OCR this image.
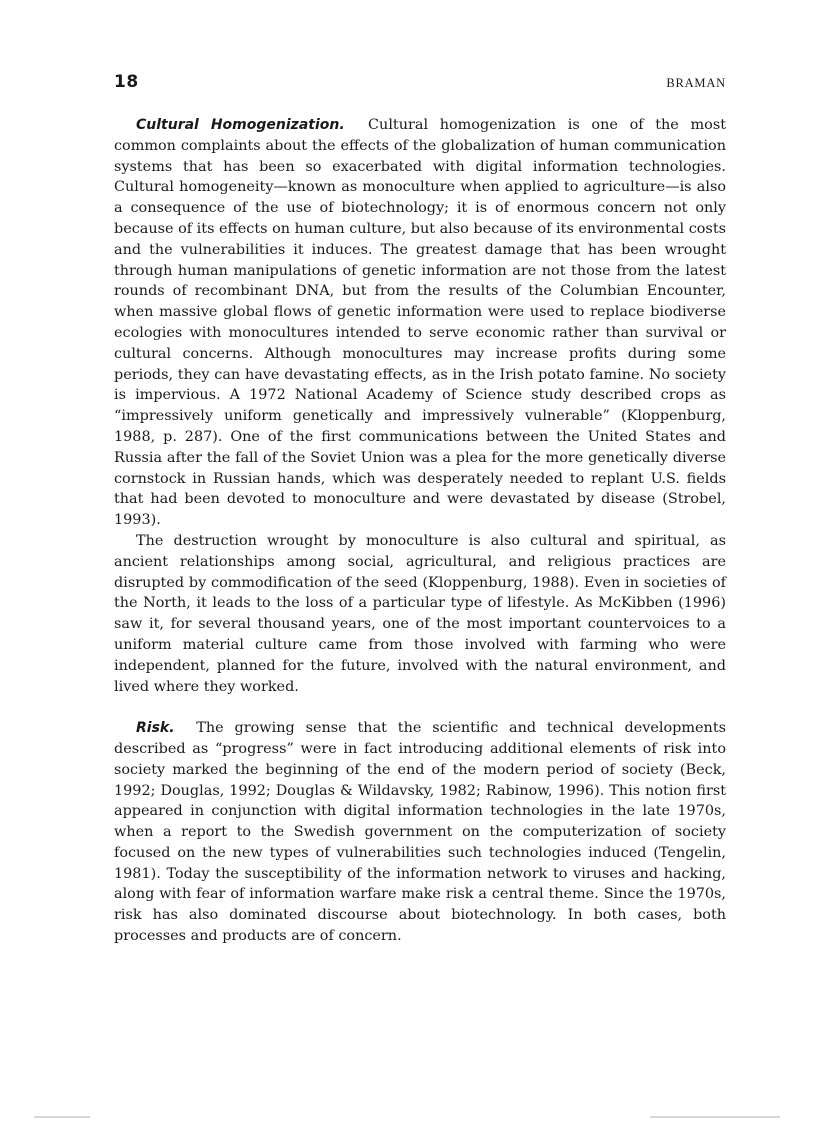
18	BRAMAN

Cultural Homogenization. Cultural homogenization is one of the most common complaints about the effects of the globalization of human communication systems that has been so exacerbated with digital information technologies. Cultural homogeneity—known as monoculture when applied to agriculture—is also a consequence of the use of biotechnology; it is of enormous concern not only because of its effects on human culture, but also because of its environmental costs and the vulnerabilities it induces. The greatest damage that has been wrought through human manipulations of genetic information are not those from the latest rounds of recombinant DNA, but from the results of the Columbian Encounter, when massive global flows of genetic information were used to replace biodiverse ecologies with monocultures intended to serve economic rather than survival or cultural concerns. Although monocultures may increase profits during some periods, they can have devastating effects, as in the Irish potato famine. No society is impervious. A 1972 National Academy of Science study described crops as “impressively uniform genetically and impressively vulnerable” (Kloppenburg, 1988, p. 287). One of the first communications between the United States and Russia after the fall of the Soviet Union was a plea for the more genetically diverse cornstock in Russian hands, which was desperately needed to replant U.S. fields that had been devoted to monoculture and were devastated by disease (Strobel, 1993).

The destruction wrought by monoculture is also cultural and spiritual, as ancient relationships among social, agricultural, and religious practices are disrupted by commodification of the seed (Kloppenburg, 1988). Even in societies of the North, it leads to the loss of a particular type of lifestyle. As McKibben (1996) saw it, for several thousand years, one of the most important countervoices to a uniform material culture came from those involved with farming who were independent, planned for the future, involved with the natural environment, and lived where they worked.

Risk. The growing sense that the scientific and technical developments described as “progress” were in fact introducing additional elements of risk into society marked the beginning of the end of the modern period of society (Beck, 1992; Douglas, 1992; Douglas & Wildavsky, 1982; Rabinow, 1996). This notion first appeared in conjunction with digital information technologies in the late 1970s, when a report to the Swedish government on the computerization of society focused on the new types of vulnerabilities such technologies induced (Tengelin, 1981). Today the susceptibility of the information network to viruses and hacking, along with fear of information warfare make risk a central theme. Since the 1970s, risk has also dominated discourse about biotechnology. In both cases, both processes and products are of concern.
